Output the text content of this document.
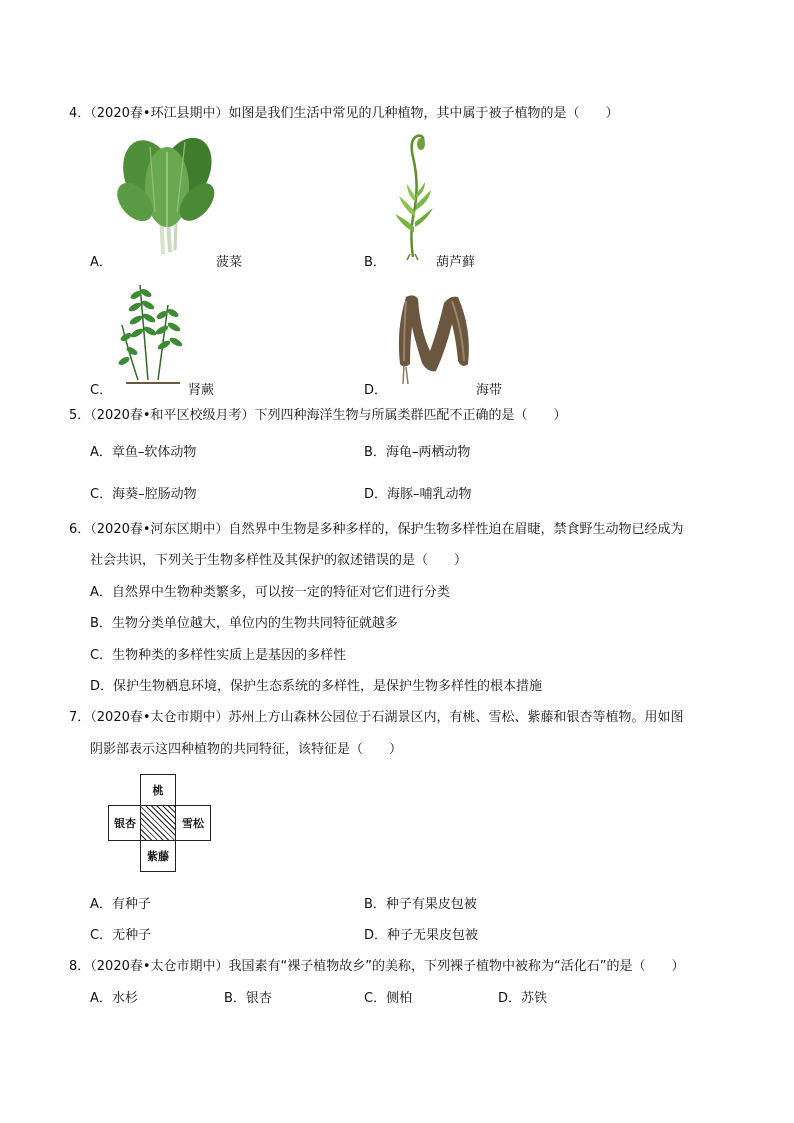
4．（2020春•环江县期中）如图是我们生活中常见的几种植物，其中属于被子植物的是（　　）
A．	菠菜	B．	葫芦藓
C．	肾蕨	D．	海带
5．（2020春•和平区校级月考）下列四种海洋生物与所属类群匹配不正确的是（　　）
A．章鱼–软体动物	B．海龟–两栖动物
C．海葵–腔肠动物	D．海豚–哺乳动物
6．（2020春•河东区期中）自然界中生物是多种多样的，保护生物多样性迫在眉睫，禁食野生动物已经成为
社会共识，下列关于生物多样性及其保护的叙述错误的是（　　）
A．自然界中生物种类繁多，可以按一定的特征对它们进行分类
B．生物分类单位越大，单位内的生物共同特征就越多
C．生物种类的多样性实质上是基因的多样性
D．保护生物栖息环境，保护生态系统的多样性，是保护生物多样性的根本措施
7．（2020春•太仓市期中）苏州上方山森林公园位于石湖景区内，有桃、雪松、紫藤和银杏等植物。用如图
阴影部表示这四种植物的共同特征，该特征是（　　）
桃
银杏	雪松
紫藤
A．有种子	B．种子有果皮包被
C．无种子	D．种子无果皮包被
8．（2020春•太仓市期中）我国素有“裸子植物故乡”的美称，下列裸子植物中被称为“活化石”的是（　　）
A．水杉	B．银杏	C．侧柏	D．苏铁
